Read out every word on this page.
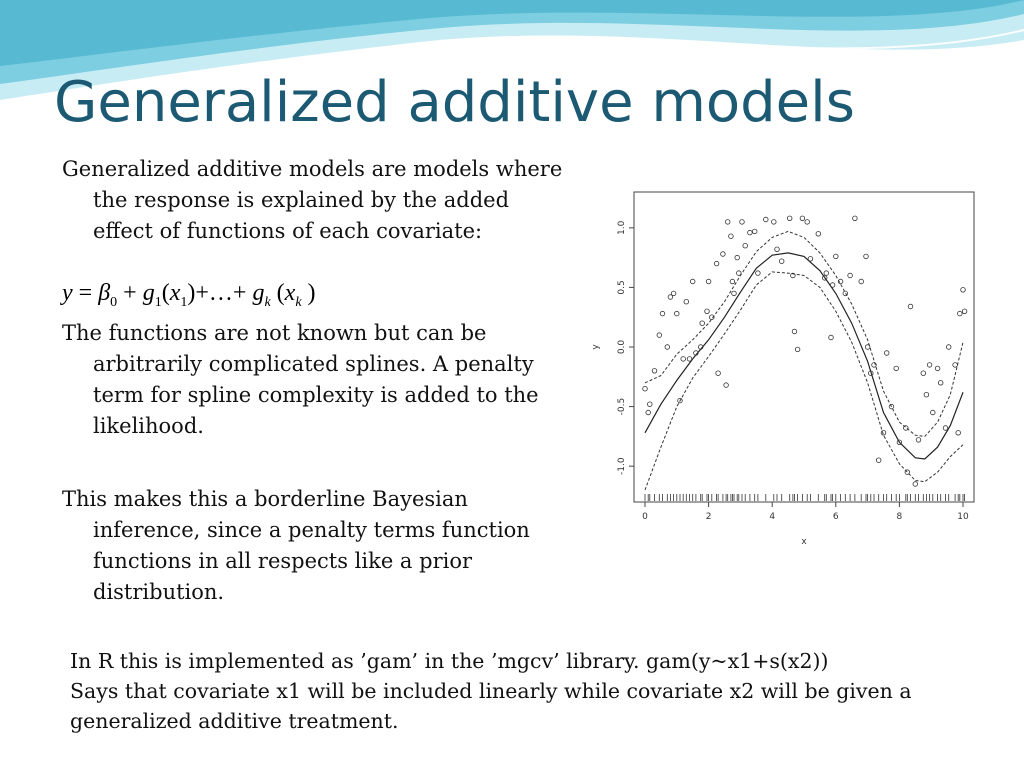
Generalized additive models
Generalized additive models are models where the response is explained by the added effect of functions of each covariate:
$y = \beta_0$ + $g_1(x_1)+\dots+ g_k$ ($x_k$ )
The functions are not known but can be arbitrarily complicated splines. A penalty term for spline complexity is added to the likelihood.
This makes this a borderline Bayesian inference, since a penalty terms function functions in all respects like a prior distribution.
0	2	4	6	8	10
-1.0
-0.5
0.0
0.5
1.0
x
y
In R this is implemented as ’gam’ in the ’mgcv’ library. gam(y~x1+s(x2))
Says that covariate x1 will be included linearly while covariate x2 will be given a
generalized additive treatment.
